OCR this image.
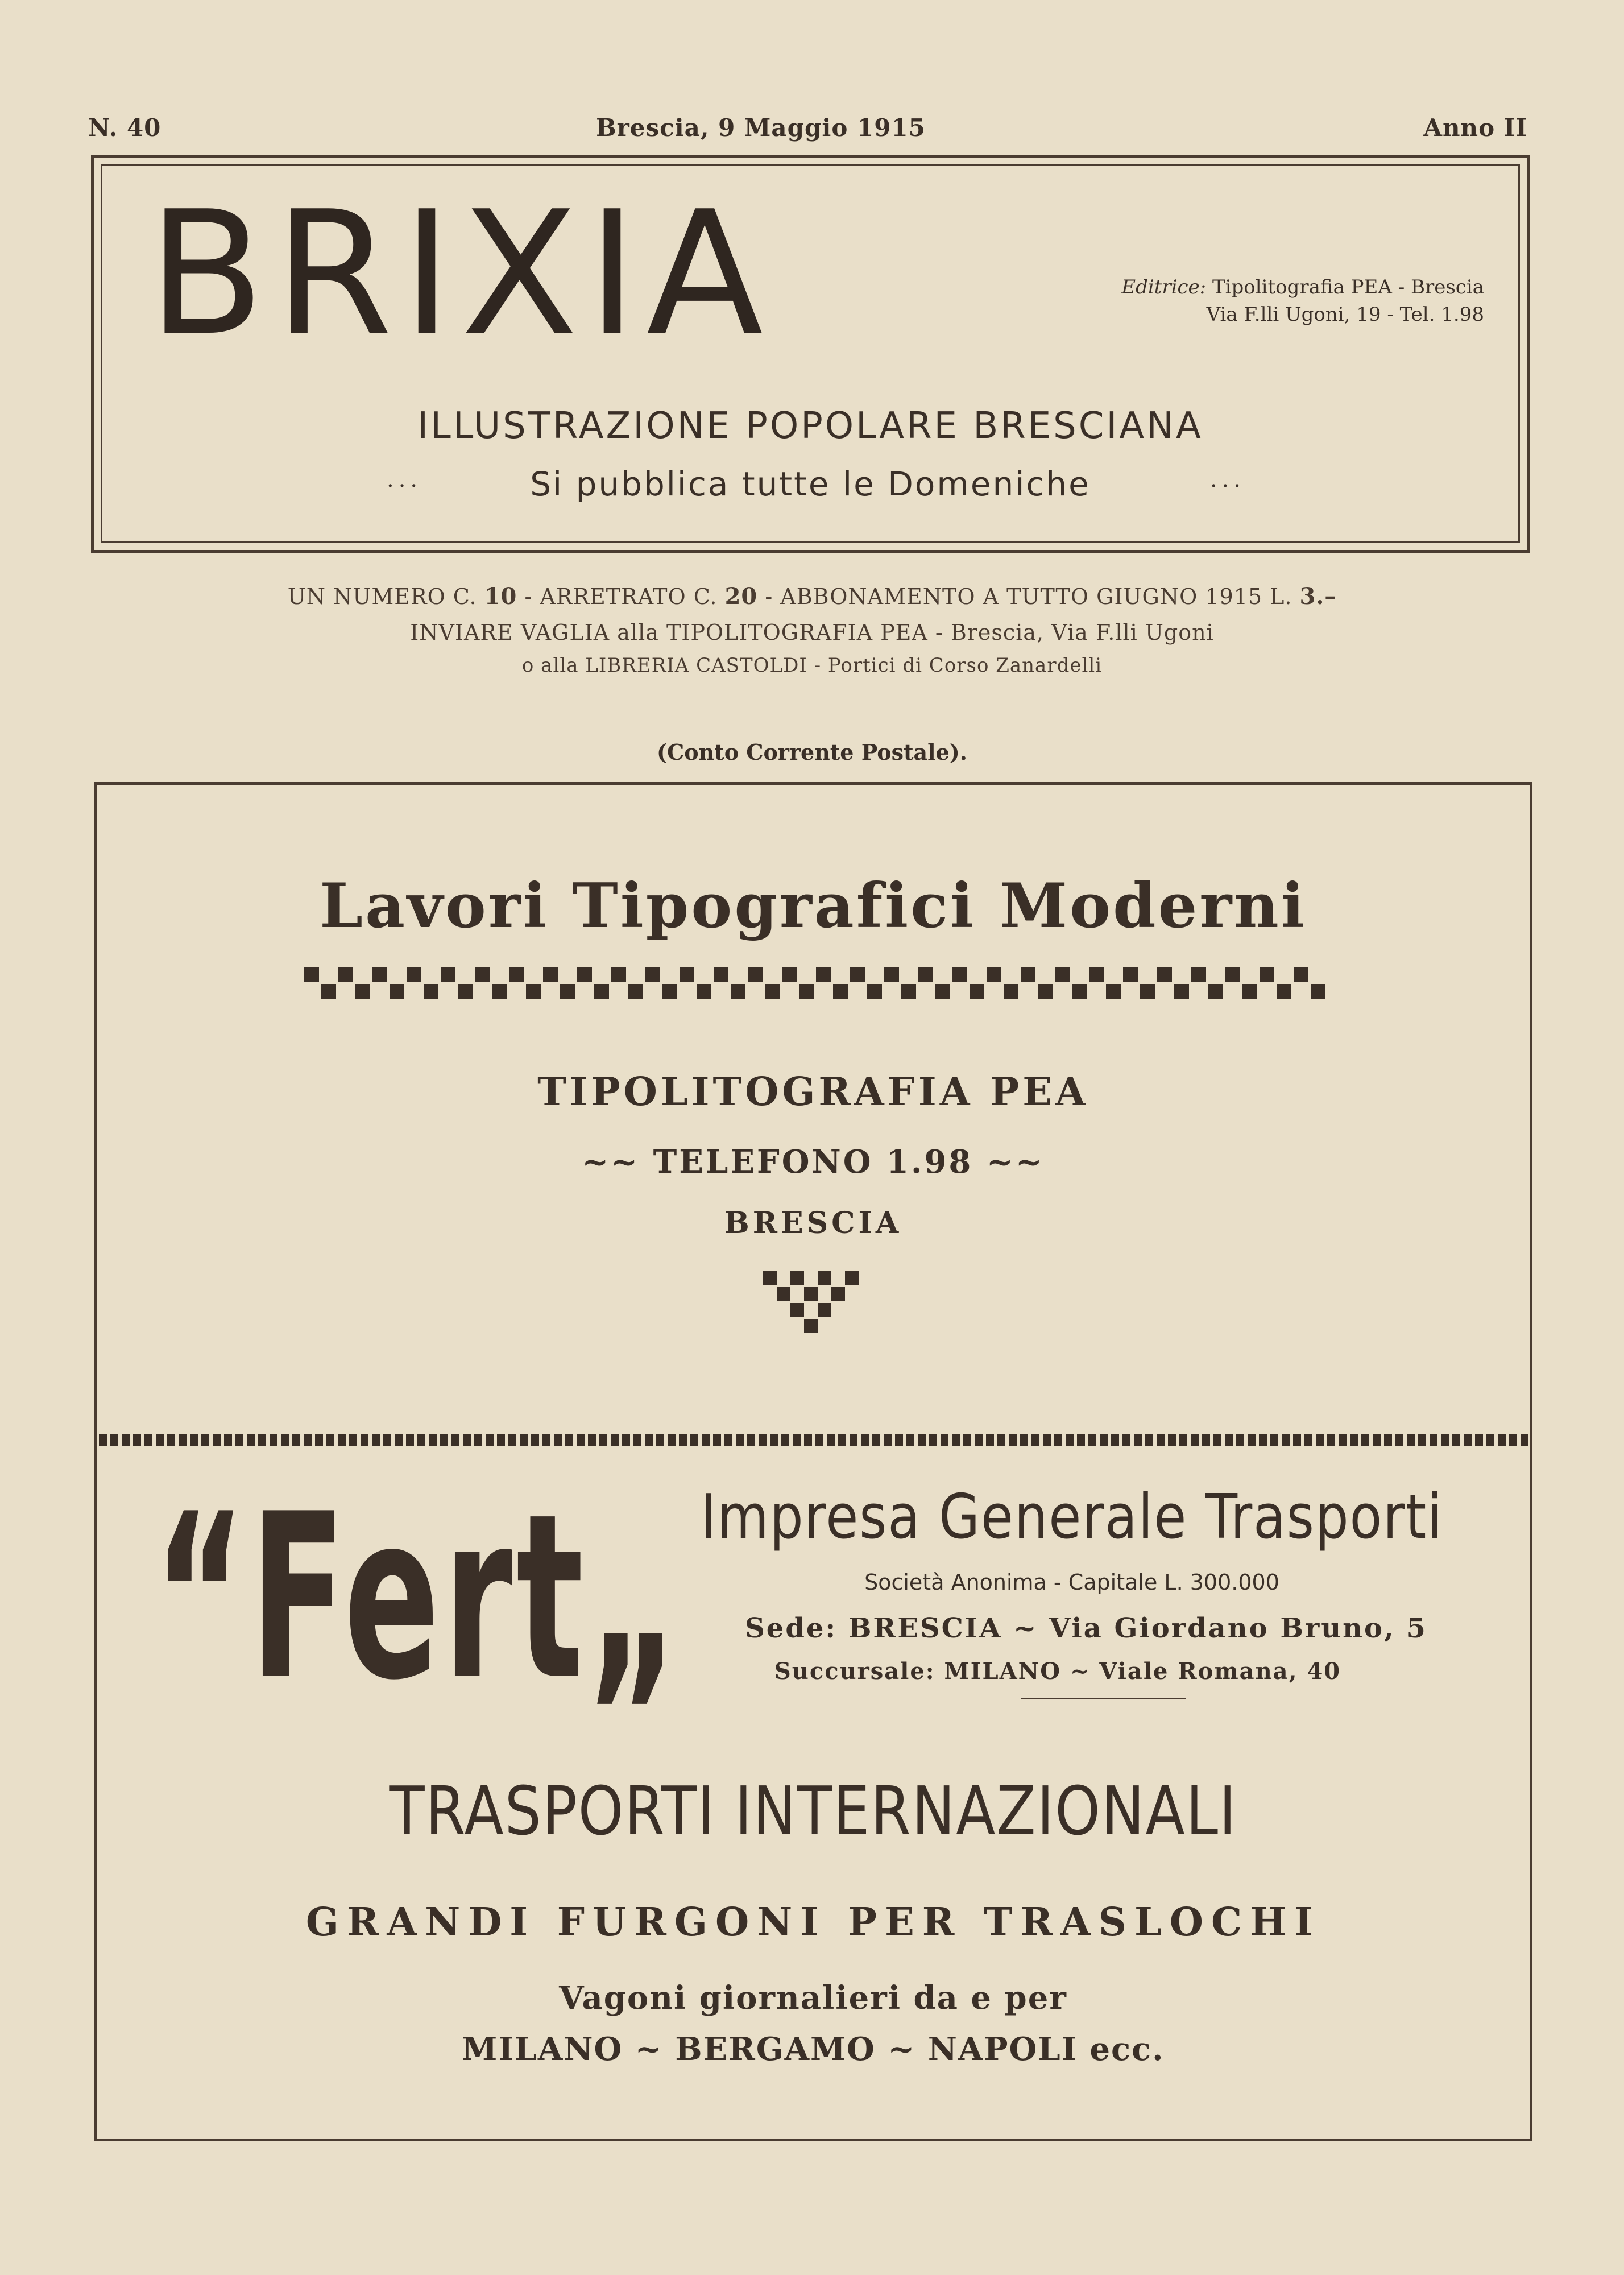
N. 40	Brescia, 9 Maggio 1915	Anno II
BRIXIA	Editrice: Tipolitografia PEA - Brescia
Via F.lli Ugoni, 19 - Tel. 1.98
ILLUSTRAZIONE POPOLARE BRESCIANA
···	Si pubblica tutte le Domeniche	···
UN NUMERO C. 10 - ARRETRATO C. 20 - ABBONAMENTO A TUTTO GIUGNO 1915 L. 3.–
INVIARE VAGLIA alla TIPOLITOGRAFIA PEA - Brescia, Via F.lli Ugoni
o alla LIBRERIA CASTOLDI - Portici di Corso Zanardelli
(Conto Corrente Postale).
Lavori Tipografici Moderni
TIPOLITOGRAFIA PEA
~~ TELEFONO 1.98 ~~
BRESCIA
“Fert„ Impresa Generale Trasporti
Società Anonima - Capitale L. 300.000
Sede: BRESCIA ~ Via Giordano Bruno, 5
Succursale: MILANO ~ Viale Romana, 40
TRASPORTI INTERNAZIONALI
GRANDI FURGONI PER TRASLOCHI
Vagoni giornalieri da e per
MILANO ~ BERGAMO ~ NAPOLI ecc.
